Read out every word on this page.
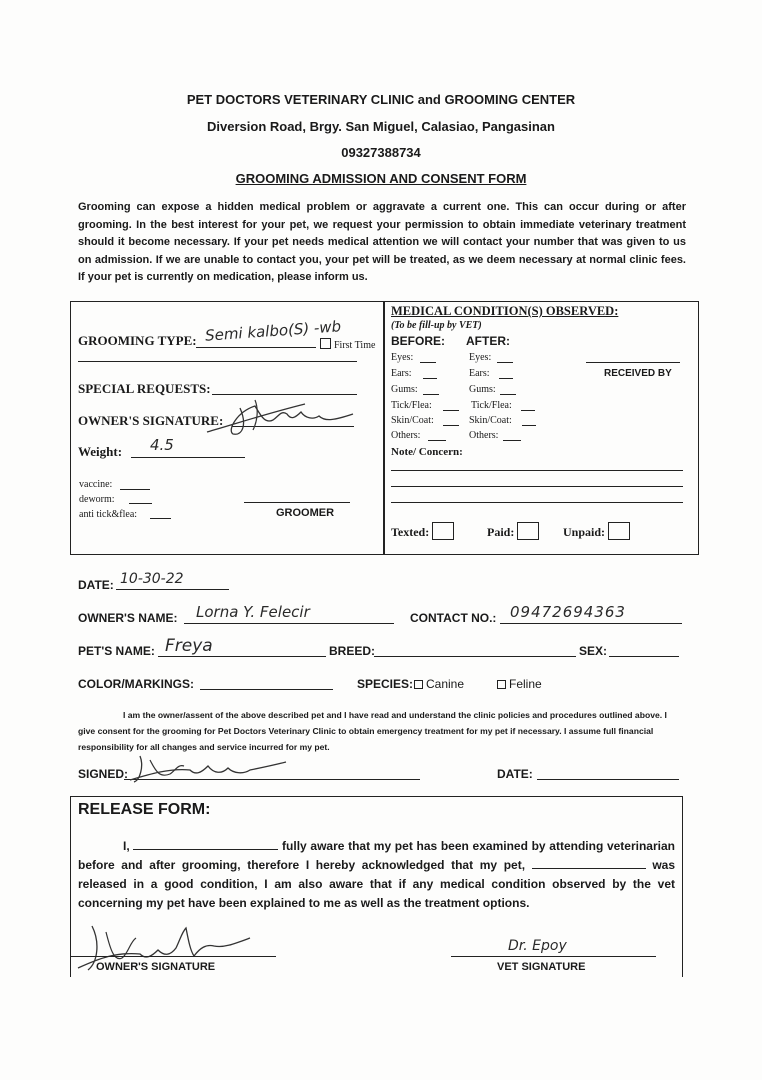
PET DOCTORS VETERINARY CLINIC and GROOMING CENTER
Diversion Road, Brgy. San Miguel, Calasiao, Pangasinan
09327388734
GROOMING ADMISSION AND CONSENT FORM
Grooming can expose a hidden medical problem or aggravate a current one. This can occur during or after grooming. In the best interest for your pet, we request your permission to obtain immediate veterinary treatment should it become necessary. If your pet needs medical attention we will contact your number that was given to us on admission. If we are unable to contact you, your pet will be treated, as we deem necessary at normal clinic fees. If your pet is currently on medication, please inform us.
GROOMING TYPE: Semi kalbo(S) -wb
First Time
SPECIAL REQUESTS:
OWNER'S SIGNATURE:
Weight: 4.5
vaccine:
deworm:
anti tick&flea:	GROOMER
MEDICAL CONDITION(S) OBSERVED:
(To be fill-up by VET)
BEFORE: AFTER:
Eyes:	Eyes:
Ears:	Ears:
Gums:	Gums:
Tick/Flea:	Tick/Flea:
Skin/Coat:	Skin/Coat:
Others:	Others:
RECEIVED BY
Note/ Concern:
Texted:	Paid:	Unpaid:
DATE: 10-30-22
OWNER'S NAME: Lorna Y. Felecir	CONTACT NO.: 09472694363
PET'S NAME: Freya	BREED:	SEX:
COLOR/MARKINGS:	SPECIES:	Canine	Feline
I am the owner/assent of the above described pet and I have read and understand the clinic policies and procedures outlined above. I give consent for the grooming for Pet Doctors Veterinary Clinic to obtain emergency treatment for my pet if necessary. I assume full financial responsibility for all changes and service incurred for my pet.
SIGNED:	DATE:
RELEASE FORM:
I,	fully aware that my pet has been examined by attending veterinarian before and after grooming, therefore I hereby acknowledged that my pet,	was released in a good condition, I am also aware that if any medical condition observed by the vet concerning my pet have been explained to me as well as the treatment options.
OWNER'S SIGNATURE
Dr. Epoy
VET SIGNATURE
